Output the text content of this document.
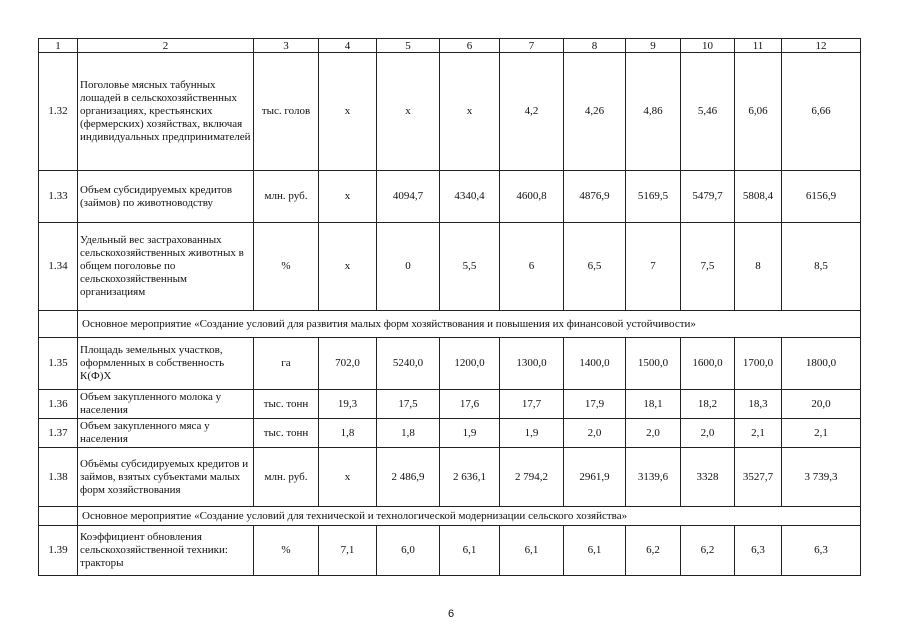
1	2	3	4	5	6	7	8	9	10	11	12
1.32	Поголовье мясных табунных лошадей в сельскохозяйственных организациях, крестьянских (фермерских) хозяйствах, включая индивидуальных предпринимателей	тыс. голов	х	х	х	4,2	4,26	4,86	5,46	6,06	6,66
1.33	Объем субсидируемых кредитов (займов) по животноводству	млн. руб.	х	4094,7	4340,4	4600,8	4876,9	5169,5	5479,7	5808,4	6156,9
1.34	Удельный вес застрахованных сельскохозяйственных животных в общем поголовье по сельскохозяйственным организациям	%	х	0	5,5	6	6,5	7	7,5	8	8,5
	Основное мероприятие «Создание условий для развития малых форм хозяйствования и повышения их финансовой устойчивости»										
1.35	Площадь земельных участков, оформленных в собственность К(Ф)Х	га	702,0	5240,0	1200,0	1300,0	1400,0	1500,0	1600,0	1700,0	1800,0
1.36	Объем закупленного молока у населения	тыс. тонн	19,3	17,5	17,6	17,7	17,9	18,1	18,2	18,3	20,0
1.37	Объем закупленного мяса у населения	тыс. тонн	1,8	1,8	1,9	1,9	2,0	2,0	2,0	2,1	2,1
1.38	Объёмы субсидируемых кредитов и займов, взятых субъектами малых форм хозяйствования	млн. руб.	х	2 486,9	2 636,1	2 794,2	2961,9	3139,6	3328	3527,7	3 739,3
	Основное мероприятие «Создание условий для технической и технологической модернизации сельского хозяйства»										
1.39	Коэффициент обновления сельскохозяйственной техники: тракторы	%	7,1	6,0	6,1	6,1	6,1	6,2	6,2	6,3	6,3
6
